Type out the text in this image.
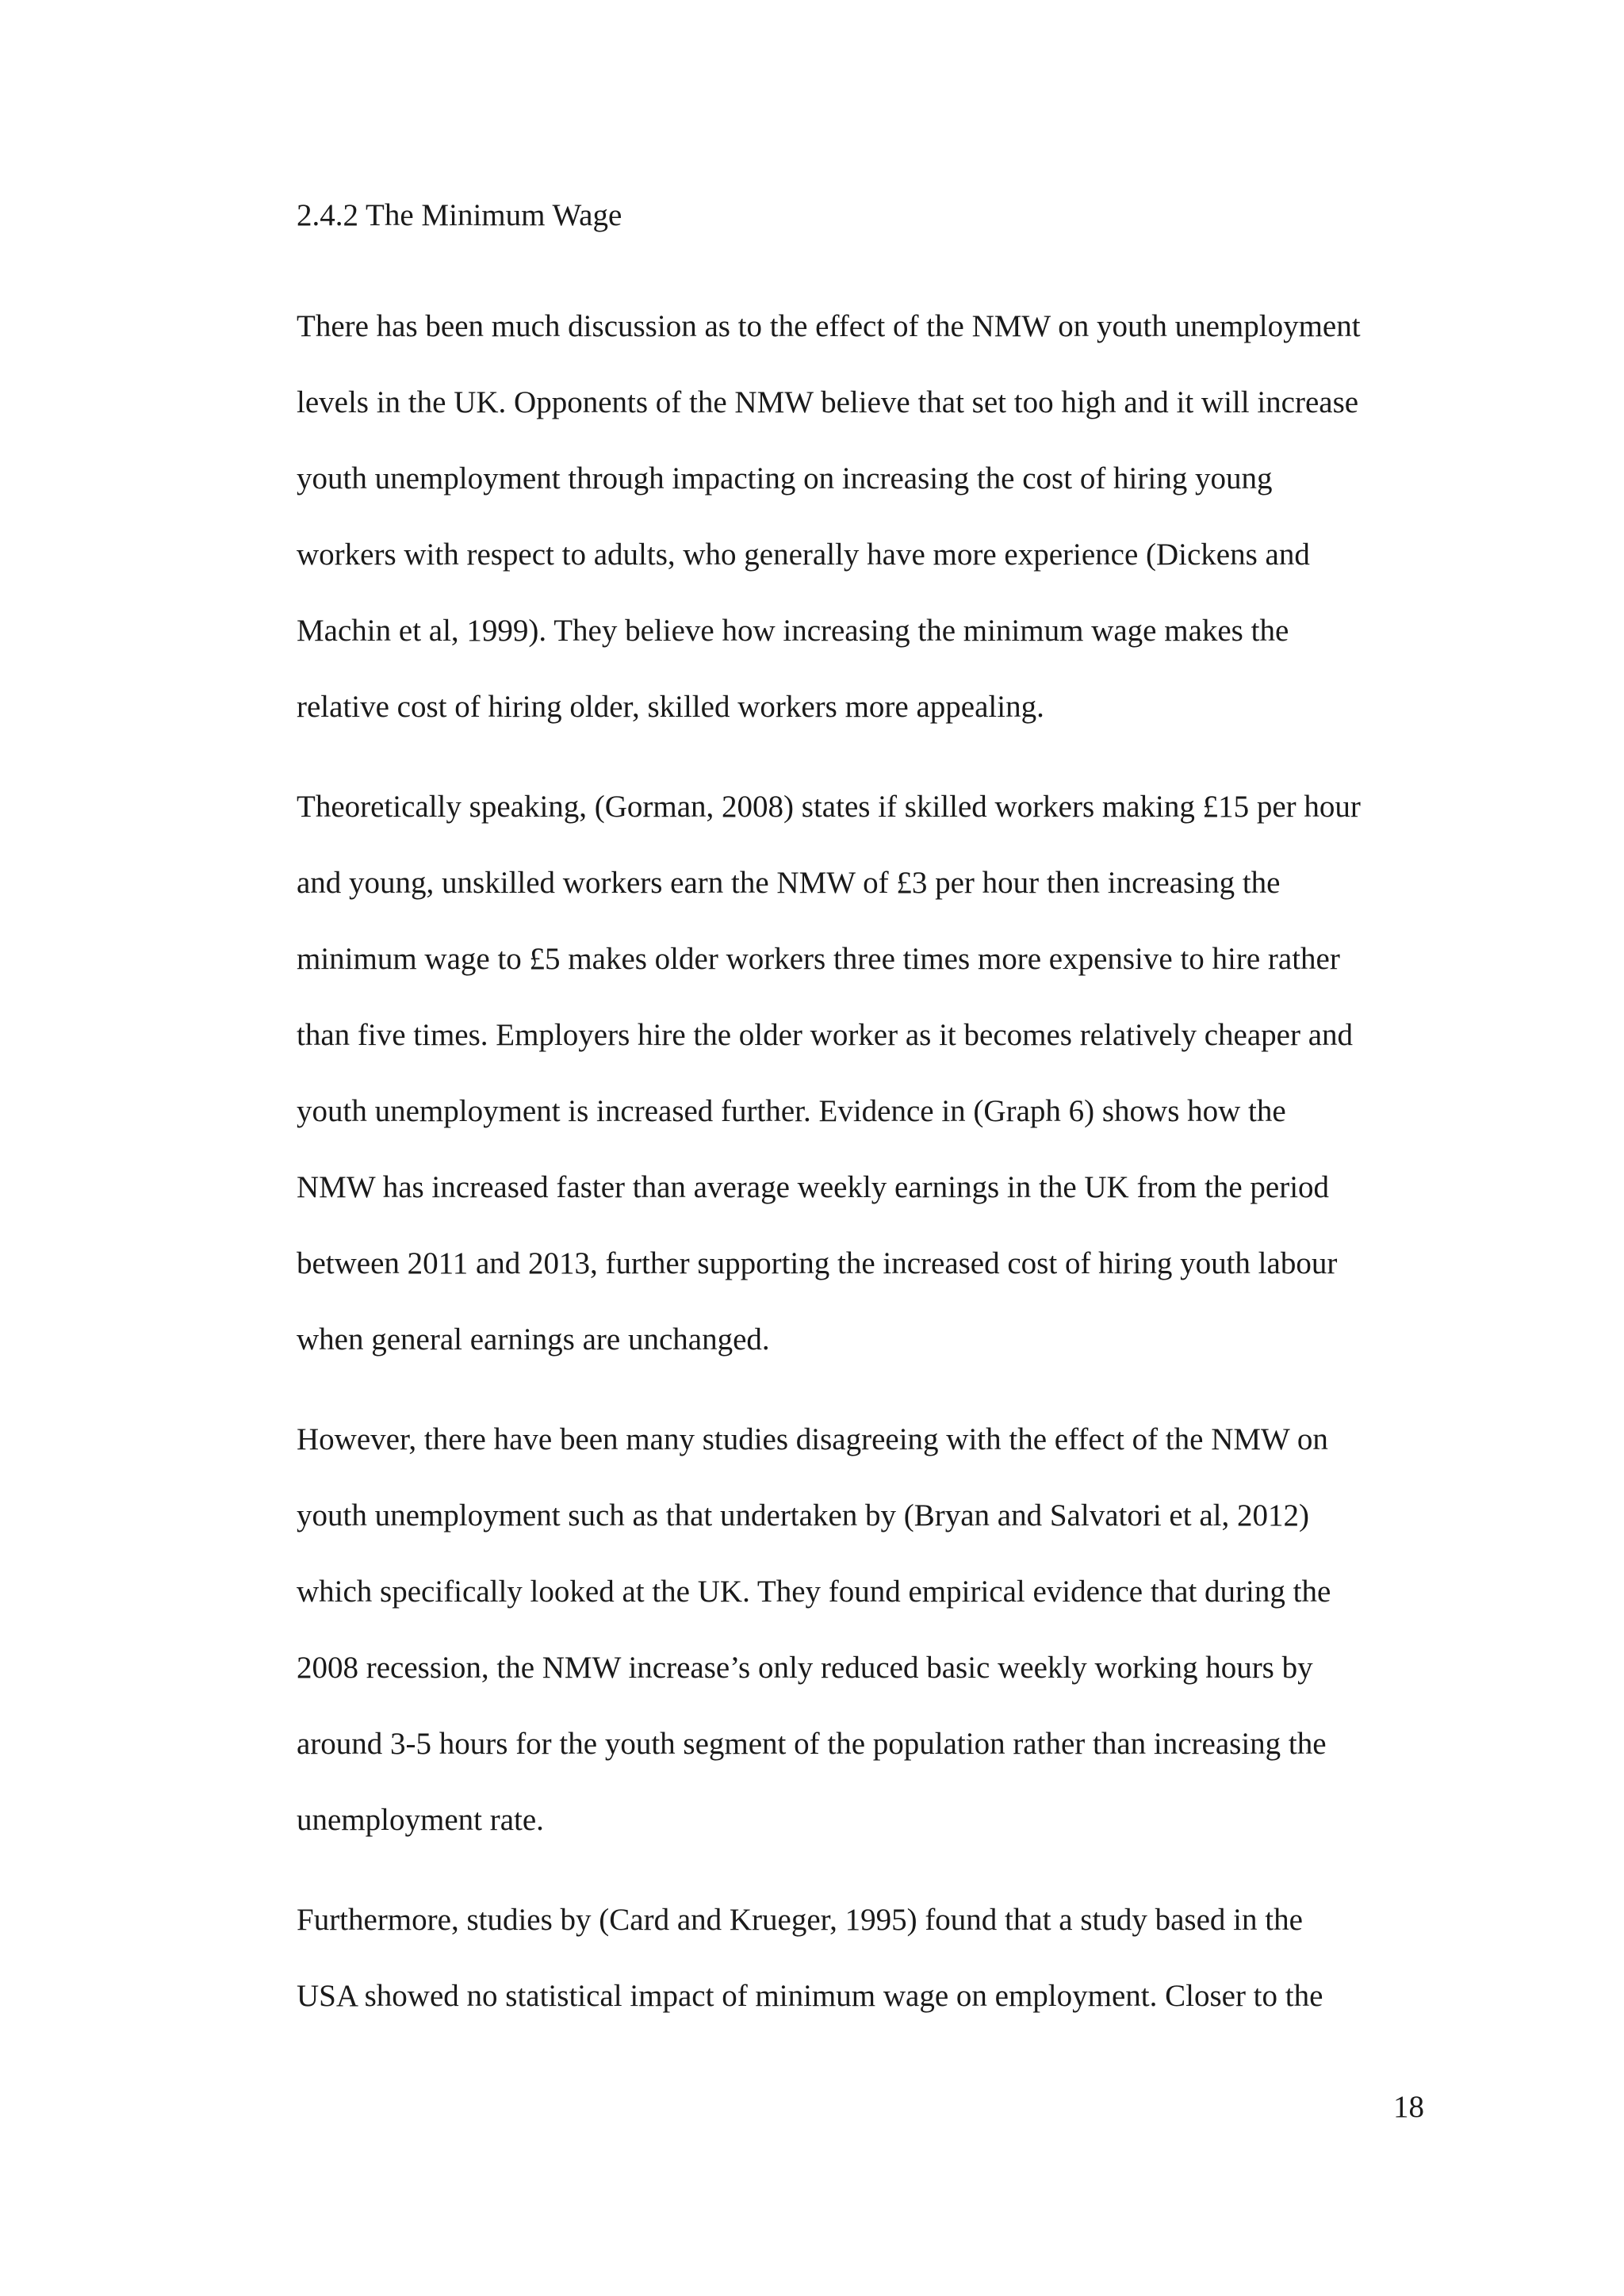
2.4.2 The Minimum Wage
There has been much discussion as to the effect of the NMW on youth unemployment
levels in the UK. Opponents of the NMW believe that set too high and it will increase
youth unemployment through impacting on increasing the cost of hiring young
workers with respect to adults, who generally have more experience (Dickens and
Machin et al, 1999). They believe how increasing the minimum wage makes the
relative cost of hiring older, skilled workers more appealing.
Theoretically speaking, (Gorman, 2008) states if skilled workers making £15 per hour
and young, unskilled workers earn the NMW of £3 per hour then increasing the
minimum wage to £5 makes older workers three times more expensive to hire rather
than five times. Employers hire the older worker as it becomes relatively cheaper and
youth unemployment is increased further. Evidence in (Graph 6) shows how the
NMW has increased faster than average weekly earnings in the UK from the period
between 2011 and 2013, further supporting the increased cost of hiring youth labour
when general earnings are unchanged.
However, there have been many studies disagreeing with the effect of the NMW on
youth unemployment such as that undertaken by (Bryan and Salvatori et al, 2012)
which specifically looked at the UK. They found empirical evidence that during the
2008 recession, the NMW increase’s only reduced basic weekly working hours by
around 3-5 hours for the youth segment of the population rather than increasing the
unemployment rate.
Furthermore, studies by (Card and Krueger, 1995) found that a study based in the
USA showed no statistical impact of minimum wage on employment. Closer to the
18
